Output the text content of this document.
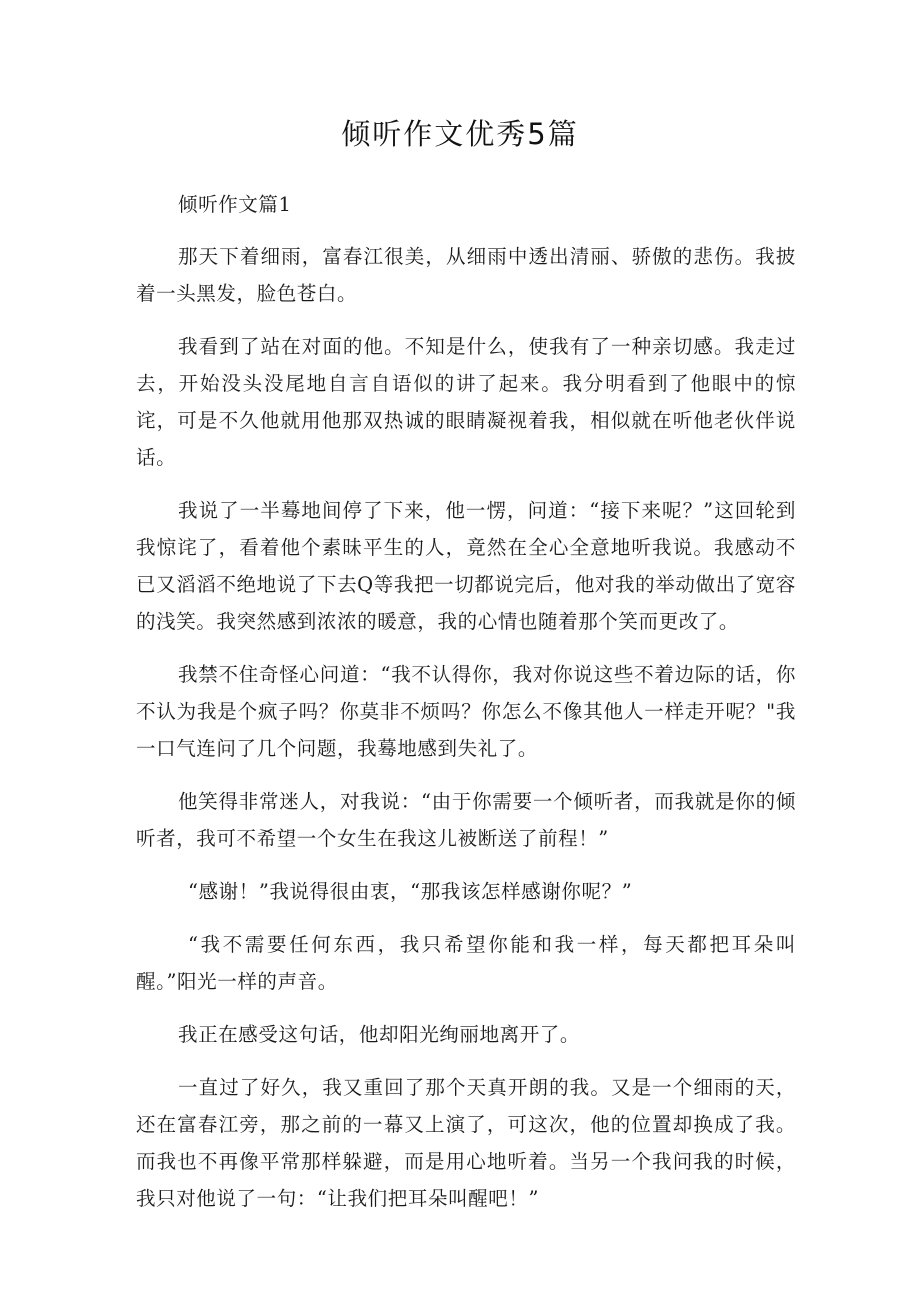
倾听作文优秀5篇

倾听作文篇1

那天下着细雨，富春江很美，从细雨中透出清丽、骄傲的悲伤。我披着一头黑发，脸色苍白。

我看到了站在对面的他。不知是什么，使我有了一种亲切感。我走过去，开始没头没尾地自言自语似的讲了起来。我分明看到了他眼中的惊诧，可是不久他就用他那双热诚的眼睛凝视着我，相似就在听他老伙伴说话。

我说了一半蓦地间停了下来，他一愣，问道：“接下来呢？”这回轮到我惊诧了，看着他个素昧平生的人，竟然在全心全意地听我说。我感动不已又滔滔不绝地说了下去Q等我把一切都说完后，他对我的举动做出了宽容的浅笑。我突然感到浓浓的暖意，我的心情也随着那个笑而更改了。

我禁不住奇怪心问道：“我不认得你，我对你说这些不着边际的话，你不认为我是个疯子吗？你莫非不烦吗？你怎么不像其他人一样走开呢？"我一口气连问了几个问题，我蓦地感到失礼了。

他笑得非常迷人，对我说：“由于你需要一个倾听者，而我就是你的倾听者，我可不希望一个女生在我这儿被断送了前程！”

“感谢！”我说得很由衷，“那我该怎样感谢你呢？”

“我不需要任何东西，我只希望你能和我一样，每天都把耳朵叫醒。”阳光一样的声音。

我正在感受这句话，他却阳光绚丽地离开了。

一直过了好久，我又重回了那个天真开朗的我。又是一个细雨的天，还在富春江旁，那之前的一幕又上演了，可这次，他的位置却换成了我。而我也不再像平常那样躲避，而是用心地听着。当另一个我问我的时候，我只对他说了一句：“让我们把耳朵叫醒吧！”
